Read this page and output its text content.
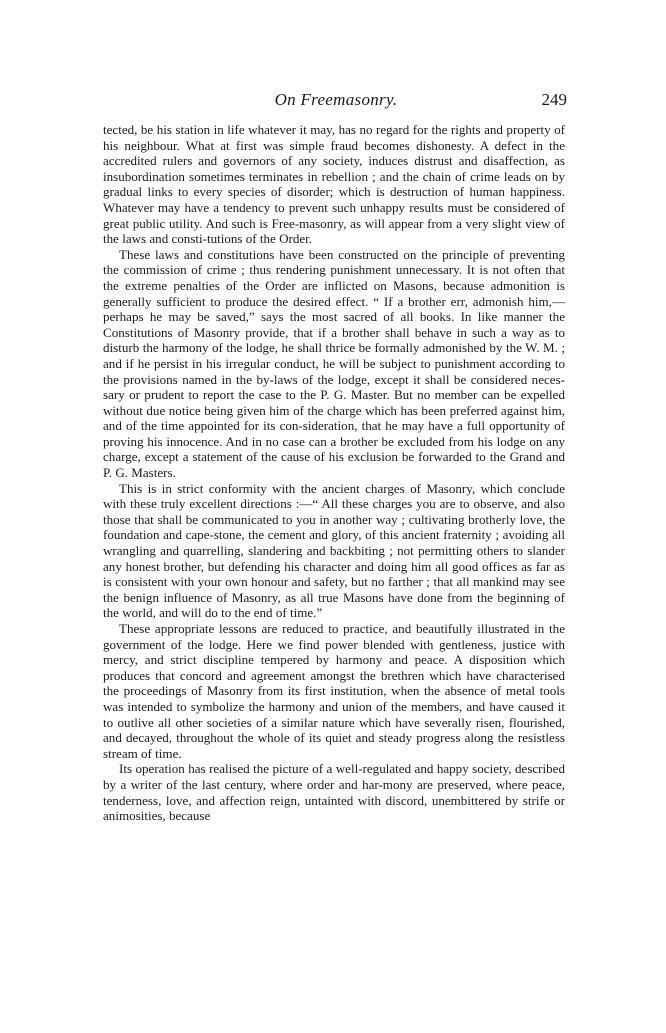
On Freemasonry.	249

tected, be his station in life whatever it may, has no regard for the rights and property of his neighbour. What at first was simple fraud becomes dishonesty. A defect in the accredited rulers and governors of any society, induces distrust and disaffection, as insubordination sometimes terminates in rebellion ; and the chain of crime leads on by gradual links to every species of disorder; which is destruction of human happiness. Whatever may have a tendency to prevent such unhappy results must be considered of great public utility. And such is Free-masonry, as will appear from a very slight view of the laws and consti-tutions of the Order.

These laws and constitutions have been constructed on the principle of preventing the commission of crime ; thus rendering punishment unnecessary. It is not often that the extreme penalties of the Order are inflicted on Masons, because admonition is generally sufficient to produce the desired effect. “ If a brother err, admonish him,—perhaps he may be saved,” says the most sacred of all books. In like manner the Constitutions of Masonry provide, that if a brother shall behave in such a way as to disturb the harmony of the lodge, he shall thrice be formally admonished by the W. M. ; and if he persist in his irregular conduct, he will be subject to punishment according to the provisions named in the by-laws of the lodge, except it shall be considered neces-sary or prudent to report the case to the P. G. Master. But no member can be expelled without due notice being given him of the charge which has been preferred against him, and of the time appointed for its con-sideration, that he may have a full opportunity of proving his innocence. And in no case can a brother be excluded from his lodge on any charge, except a statement of the cause of his exclusion be forwarded to the Grand and P. G. Masters.

This is in strict conformity with the ancient charges of Masonry, which conclude with these truly excellent directions :—“ All these charges you are to observe, and also those that shall be communicated to you in another way ; cultivating brotherly love, the foundation and cape-stone, the cement and glory, of this ancient fraternity ; avoiding all wrangling and quarrelling, slandering and backbiting ; not permitting others to slander any honest brother, but defending his character and doing him all good offices as far as is consistent with your own honour and safety, but no farther ; that all mankind may see the benign influence of Masonry, as all true Masons have done from the beginning of the world, and will do to the end of time.”

These appropriate lessons are reduced to practice, and beautifully illustrated in the government of the lodge. Here we find power blended with gentleness, justice with mercy, and strict discipline tempered by harmony and peace. A disposition which produces that concord and agreement amongst the brethren which have characterised the proceedings of Masonry from its first institution, when the absence of metal tools was intended to symbolize the harmony and union of the members, and have caused it to outlive all other societies of a similar nature which have severally risen, flourished, and decayed, throughout the whole of its quiet and steady progress along the resistless stream of time.

Its operation has realised the picture of a well-regulated and happy society, described by a writer of the last century, where order and har-mony are preserved, where peace, tenderness, love, and affection reign, untainted with discord, unembittered by strife or animosities, because
